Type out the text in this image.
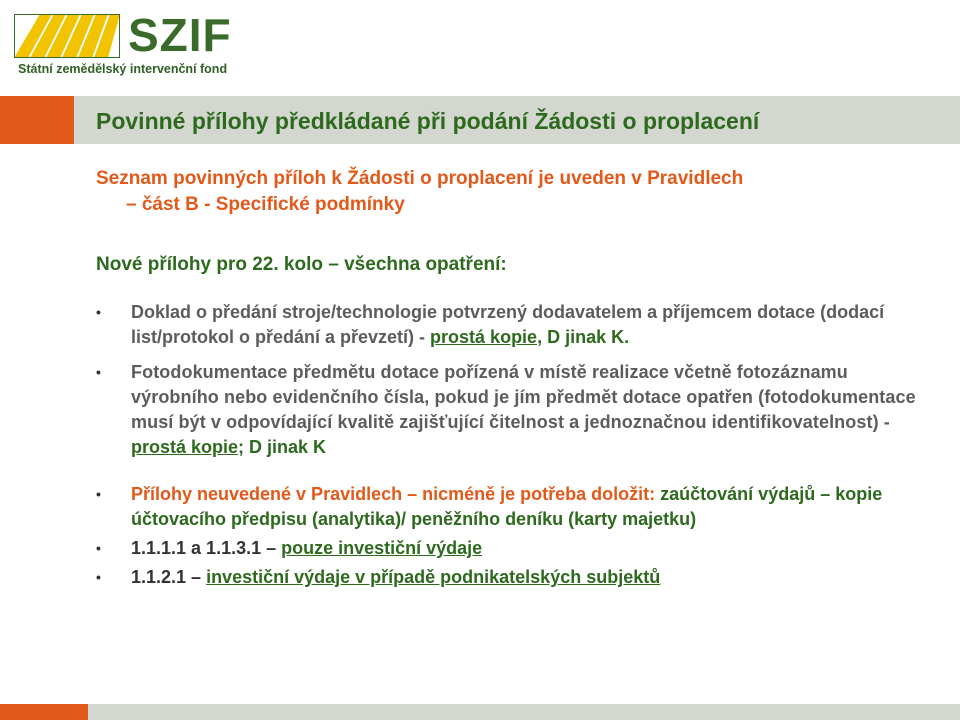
SZIF
Státní zemědělský intervenční fond
Povinné přílohy předkládané při podání Žádosti o proplacení
Seznam povinných příloh k Žádosti o proplacení je uveden v Pravidlech
– část B - Specifické podmínky
Nové přílohy pro 22. kolo – všechna opatření:
•	Doklad o předání stroje/technologie potvrzený dodavatelem a příjemcem dotace (dodací list/protokol o předání a převzetí) - prostá kopie, D jinak K.
•	Fotodokumentace předmětu dotace pořízená v místě realizace včetně fotozáznamu výrobního nebo evidenčního čísla, pokud je jím předmět dotace opatřen (fotodokumentace musí být v odpovídající kvalitě zajišťující čitelnost a jednoznačnou identifikovatelnost) - prostá kopie; D jinak K
•	Přílohy neuvedené v Pravidlech – nicméně je potřeba doložit: zaúčtování výdajů – kopie účtovacího předpisu (analytika)/ peněžního deníku (karty majetku)
•	1.1.1.1 a 1.1.3.1 – pouze investiční výdaje
•	1.1.2.1 – investiční výdaje v případě podnikatelských subjektů
